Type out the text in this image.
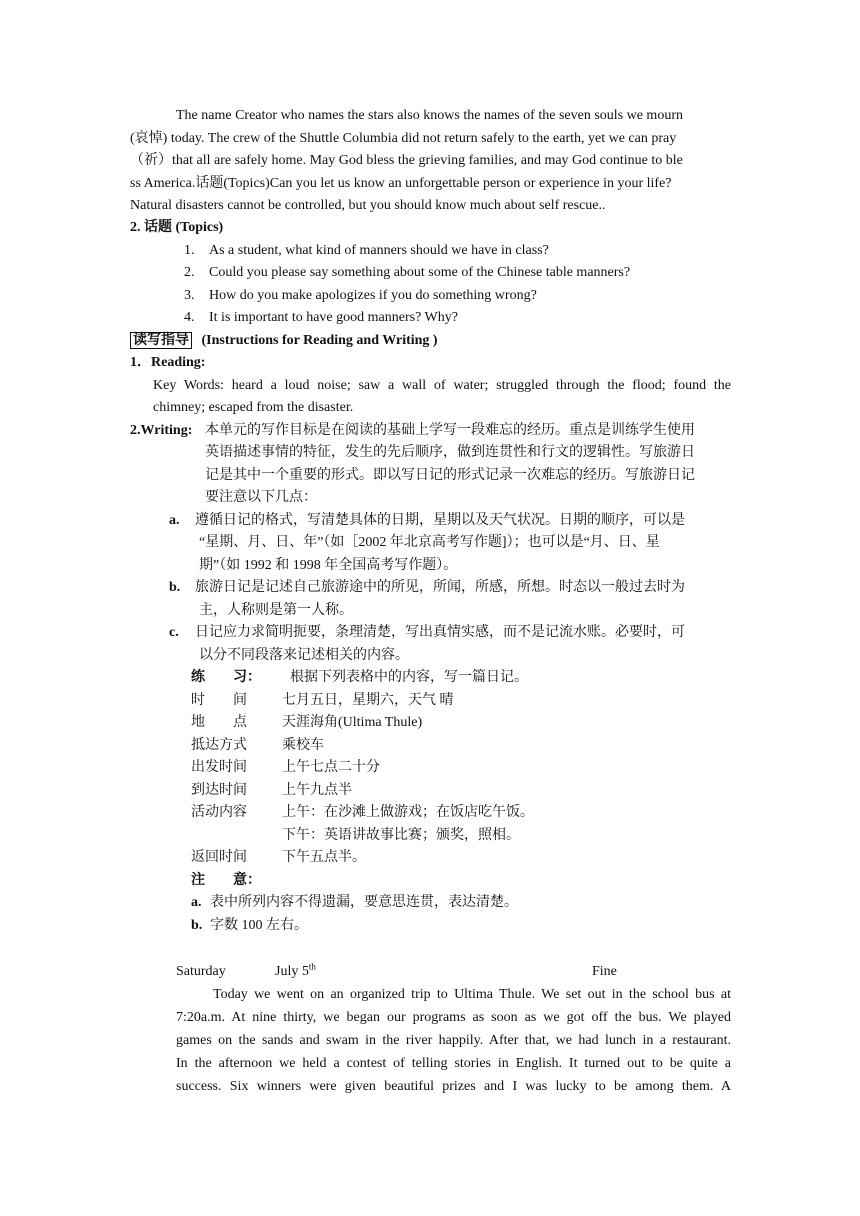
The name Creator who names the stars also knows the names of the seven souls we mourn
(哀悼) today. The crew of the Shuttle Columbia did not return safely to the earth, yet we can pray
（祈）that all are safely home. May God bless the grieving families, and may God continue to ble
ss America.话题(Topics)Can you let us know an unforgettable person or experience in your life?
Natural disasters cannot be controlled, but you should know much about self rescue..
2. 话题 (Topics)
1. As a student, what kind of manners should we have in class?
2. Could you please say something about some of the Chinese table manners?
3. How do you make apologizes if you do something wrong?
4. It is important to have good manners? Why?
读写指导 (Instructions for Reading and Writing )
1．Reading:
Key Words: heard a loud noise; saw a wall of water; struggled through the flood; found the
chimney; escaped from the disaster.
2.Writing: 本单元的写作目标是在阅读的基础上学写一段难忘的经历。重点是训练学生使用
英语描述事情的特征，发生的先后顺序，做到连贯性和行文的逻辑性。写旅游日
记是其中一个重要的形式。即以写日记的形式记录一次难忘的经历。写旅游日记
要注意以下几点：
a. 遵循日记的格式，写清楚具体的日期，星期以及天气状况。日期的顺序，可以是
“星期、月、日、年”（如［2002 年北京高考写作题]）；也可以是“月、日、星
期”（如 1992 和 1998 年全国高考写作题）。
b. 旅游日记是记述自己旅游途中的所见，所闻，所感，所想。时态以一般过去时为
主，人称则是第一人称。
c. 日记应力求简明扼要，条理清楚，写出真情实感，而不是记流水账。必要时，可
以分不同段落来记述相关的内容。
练　　习： 根据下列表格中的内容，写一篇日记。
时　　间	七月五日，星期六，天气 晴
地　　点	天涯海角(Ultima Thule)
抵达方式	乘校车
出发时间	上午七点二十分
到达时间	上午九点半
活动内容	上午：在沙滩上做游戏；在饭店吃午饭。
下午：英语讲故事比赛；颁奖，照相。
返回时间	下午五点半。
注　　意：
a. 表中所列内容不得遗漏，要意思连贯，表达清楚。
b. 字数 100 左右。
Saturday	July 5th	Fine
Today we went on an organized trip to Ultima Thule. We set out in the school bus at
7:20a.m. At nine thirty, we began our programs as soon as we got off the bus. We played
games on the sands and swam in the river happily. After that, we had lunch in a restaurant.
In the afternoon we held a contest of telling stories in English. It turned out to be quite a
success. Six winners were given beautiful prizes and I was lucky to be among them. A
